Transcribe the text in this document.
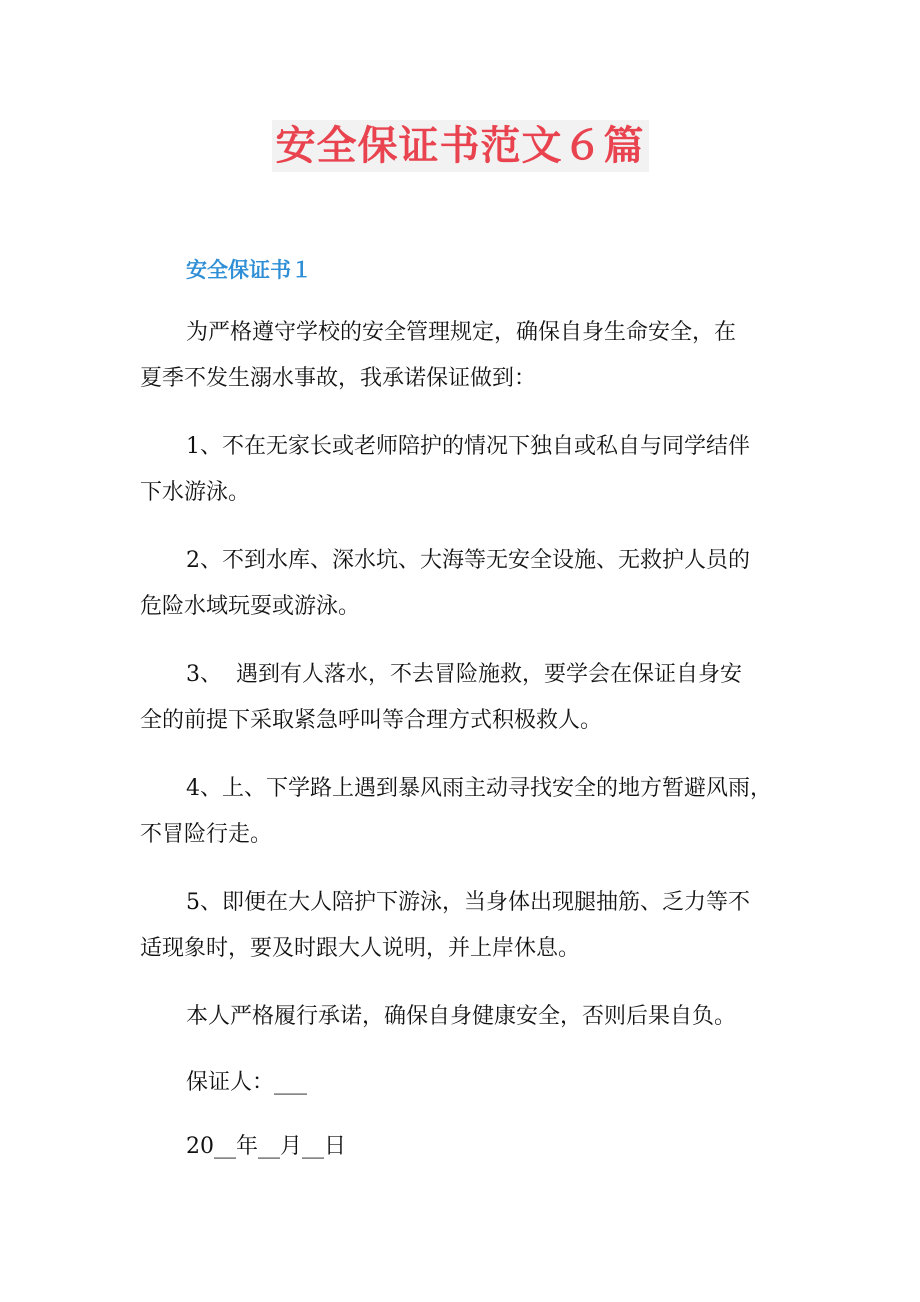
安全保证书范文６篇
安全保证书１

为严格遵守学校的安全管理规定，确保自身生命安全，在
夏季不发生溺水事故，我承诺保证做到：

1、不在无家长或老师陪护的情况下独自或私自与同学结伴
下水游泳。

2、不到水库、深水坑、大海等无安全设施、无救护人员的
危险水域玩耍或游泳。

3、  遇到有人落水，不去冒险施救，要学会在保证自身安
全的前提下采取紧急呼叫等合理方式积极救人。

4、上、下学路上遇到暴风雨主动寻找安全的地方暂避风雨，
不冒险行走。

5、即便在大人陪护下游泳，当身体出现腿抽筋、乏力等不
适现象时，要及时跟大人说明，并上岸休息。

本人严格履行承诺，确保自身健康安全，否则后果自负。
保证人：___
20__年__月__日
